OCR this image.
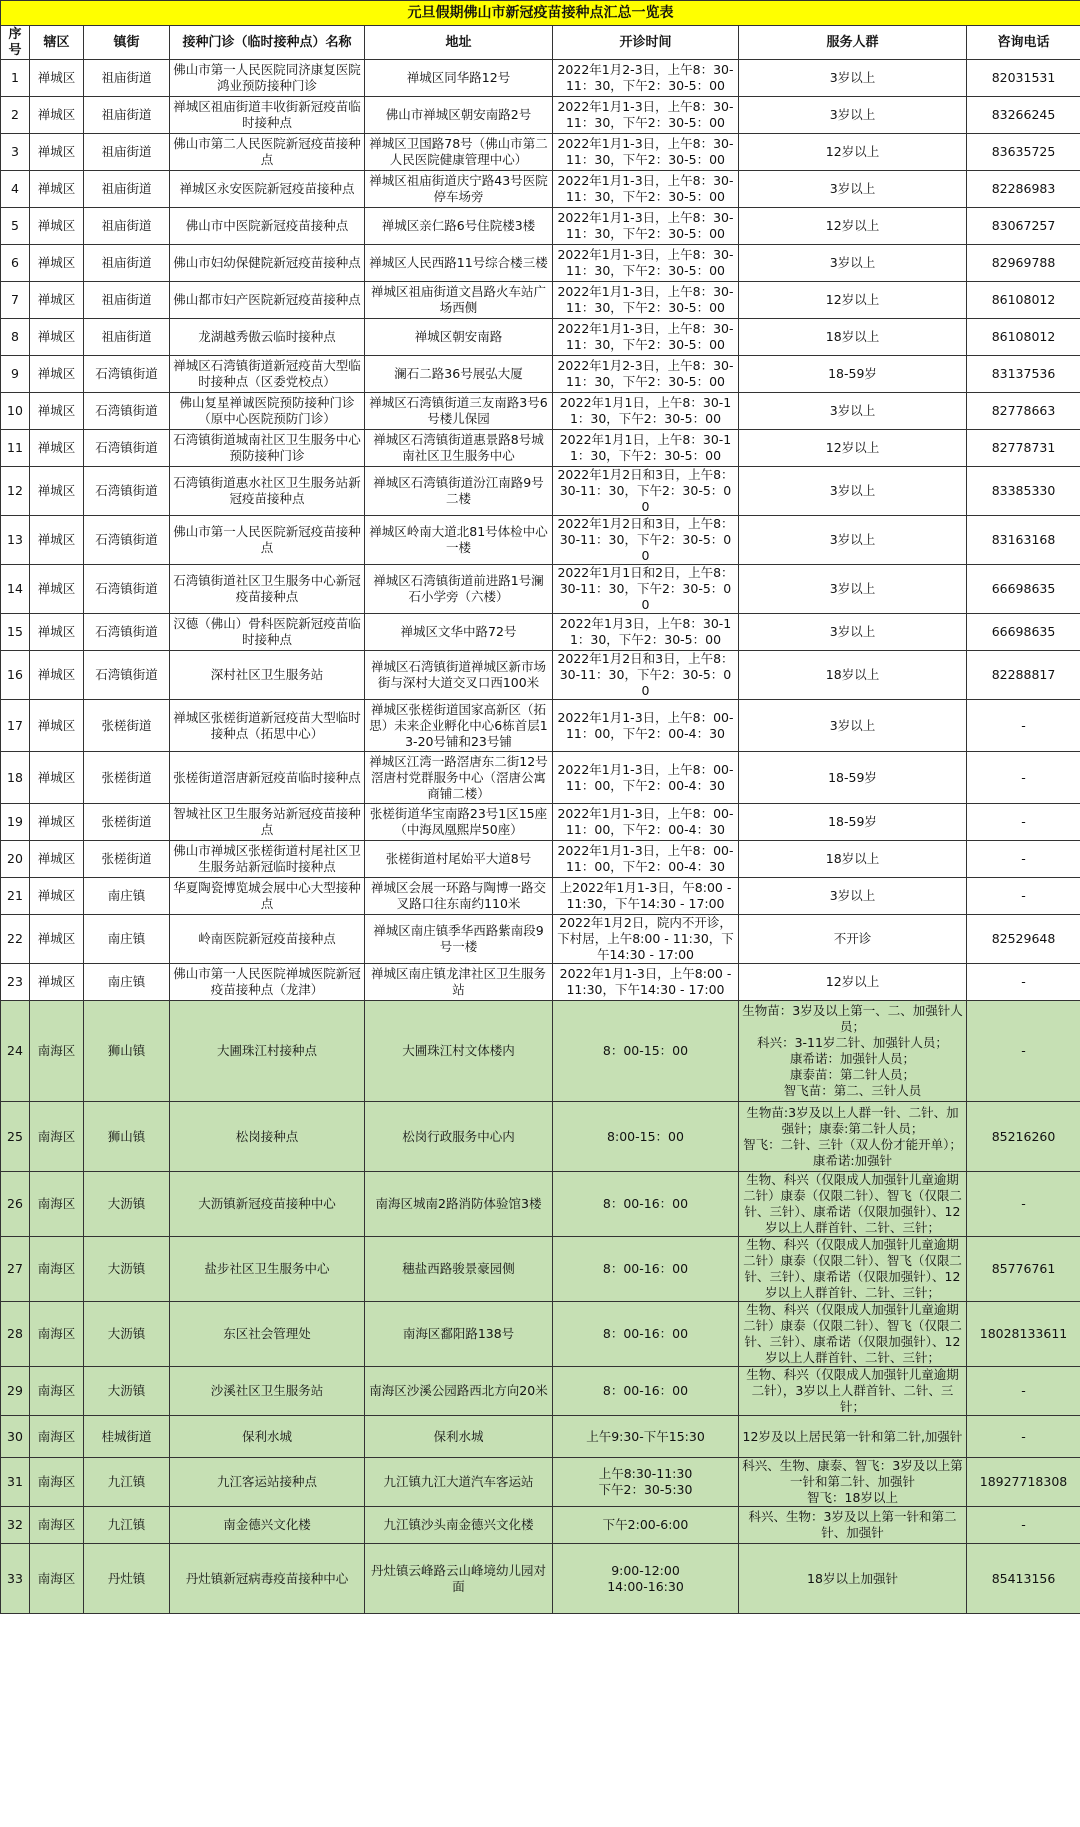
元旦假期佛山市新冠疫苗接种点汇总一览表							
序号	辖区	镇街	接种门诊（临时接种点）名称	地址	开诊时间	服务人群	咨询电话
1	禅城区	祖庙街道	佛山市第一人民医院同济康复医院鸿业预防接种门诊	禅城区同华路12号	2022年1月2-3日，上午8：30-11：30，下午2：30-5：00	3岁以上	82031531
2	禅城区	祖庙街道	禅城区祖庙街道丰收街新冠疫苗临时接种点	佛山市禅城区朝安南路2号	2022年1月1-3日，上午8：30-11：30，下午2：30-5：00	3岁以上	83266245
3	禅城区	祖庙街道	佛山市第二人民医院新冠疫苗接种点	禅城区卫国路78号（佛山市第二人民医院健康管理中心）	2022年1月1-3日，上午8：30-11：30，下午2：30-5：00	12岁以上	83635725
4	禅城区	祖庙街道	禅城区永安医院新冠疫苗接种点	禅城区祖庙街道庆宁路43号医院停车场旁	2022年1月1-3日，上午8：30-11：30，下午2：30-5：00	3岁以上	82286983
5	禅城区	祖庙街道	佛山市中医院新冠疫苗接种点	禅城区亲仁路6号住院楼3楼	2022年1月1-3日，上午8：30-11：30，下午2：30-5：00	12岁以上	83067257
6	禅城区	祖庙街道	佛山市妇幼保健院新冠疫苗接种点	禅城区人民西路11号综合楼三楼	2022年1月1-3日，上午8：30-11：30，下午2：30-5：00	3岁以上	82969788
7	禅城区	祖庙街道	佛山都市妇产医院新冠疫苗接种点	禅城区祖庙街道文昌路火车站广场西侧	2022年1月1-3日，上午8：30-11：30，下午2：30-5：00	12岁以上	86108012
8	禅城区	祖庙街道	龙湖越秀傲云临时接种点	禅城区朝安南路	2022年1月1-3日，上午8：30-11：30，下午2：30-5：00	18岁以上	86108012
9	禅城区	石湾镇街道	禅城区石湾镇街道新冠疫苗大型临时接种点（区委党校点）	澜石二路36号展弘大厦	2022年1月2-3日，上午8：30-11：30，下午2：30-5：00	18-59岁	83137536
10	禅城区	石湾镇街道	佛山复星禅诚医院预防接种门诊（原中心医院预防门诊）	禅城区石湾镇街道三友南路3号6号楼儿保园	2022年1月1日，上午8：30-11：30，下午2：30-5：00	3岁以上	82778663
11	禅城区	石湾镇街道	石湾镇街道城南社区卫生服务中心预防接种门诊	禅城区石湾镇街道惠景路8号城南社区卫生服务中心	2022年1月1日，上午8：30-11：30，下午2：30-5：00	12岁以上	82778731
12	禅城区	石湾镇街道	石湾镇街道惠水社区卫生服务站新冠疫苗接种点	禅城区石湾镇街道汾江南路9号二楼	2022年1月2日和3日，上午8：30-11：30，下午2：30-5：00	3岁以上	83385330
13	禅城区	石湾镇街道	佛山市第一人民医院新冠疫苗接种点	禅城区岭南大道北81号体检中心一楼	2022年1月2日和3日，上午8：30-11：30，下午2：30-5：00	3岁以上	83163168
14	禅城区	石湾镇街道	石湾镇街道社区卫生服务中心新冠疫苗接种点	禅城区石湾镇街道前进路1号澜石小学旁（六楼）	2022年1月1日和2日，上午8：30-11：30，下午2：30-5：00	3岁以上	66698635
15	禅城区	石湾镇街道	汉德（佛山）骨科医院新冠疫苗临时接种点	禅城区文华中路72号	2022年1月3日，上午8：30-11：30，下午2：30-5：00	3岁以上	66698635
16	禅城区	石湾镇街道	深村社区卫生服务站	禅城区石湾镇街道禅城区新市场街与深村大道交叉口西100米	2022年1月2日和3日，上午8：30-11：30，下午2：30-5：00	18岁以上	82288817
17	禅城区	张槎街道	禅城区张槎街道新冠疫苗大型临时接种点（拓思中心）	禅城区张槎街道国家高新区（拓思）未来企业孵化中心6栋首层13-20号铺和23号铺	2022年1月1-3日，上午8：00-11：00，下午2：00-4：30	3岁以上	-
18	禅城区	张槎街道	张槎街道滘唐新冠疫苗临时接种点	禅城区江湾一路滘唐东二街12号滘唐村党群服务中心（滘唐公寓商铺二楼）	2022年1月1-3日，上午8：00-11：00，下午2：00-4：30	18-59岁	-
19	禅城区	张槎街道	智城社区卫生服务站新冠疫苗接种点	张槎街道华宝南路23号1区15座（中海凤凰熙岸50座）	2022年1月1-3日，上午8：00-11：00，下午2：00-4：30	18-59岁	-
20	禅城区	张槎街道	佛山市禅城区张槎街道村尾社区卫生服务站新冠临时接种点	张槎街道村尾始平大道8号	2022年1月1-3日，上午8：00-11：00，下午2：00-4：30	18岁以上	-
21	禅城区	南庄镇	华夏陶瓷博览城会展中心大型接种点	禅城区会展一环路与陶博一路交叉路口往东南约110米	上2022年1月1-3日，午8:00 - 11:30，下午14:30 - 17:00	3岁以上	-
22	禅城区	南庄镇	岭南医院新冠疫苗接种点	禅城区南庄镇季华西路紫南段9号一楼	2022年1月2日，院内不开诊，下村居，上午8:00 - 11:30，下午14:30 - 17:00	不开诊	82529648
23	禅城区	南庄镇	佛山市第一人民医院禅城医院新冠疫苗接种点（龙津）	禅城区南庄镇龙津社区卫生服务站	2022年1月1-3日，上午8:00 - 11:30，下午14:30 - 17:00	12岁以上	-
24	南海区	狮山镇	大圃珠江村接种点	大圃珠江村文体楼内	8：00-15：00	生物苗：3岁及以上第一、二、加强针人员；
科兴：3-11岁二针、加强针人员；
康希诺：加强针人员；
康泰苗：第二针人员；
智飞苗：第二、三针人员	-
25	南海区	狮山镇	松岗接种点	松岗行政服务中心内	8:00-15：00	生物苗:3岁及以上人群一针、二针、加强针；康泰:第二针人员；
智飞：二针、三针（双人份才能开单）；康希诺:加强针	85216260
26	南海区	大沥镇	大沥镇新冠疫苗接种中心	南海区城南2路消防体验馆3楼	8：00-16：00	生物、科兴（仅限成人加强针儿童逾期二针）康泰（仅限二针）、智飞（仅限二针、三针）、康希诺（仅限加强针）、12岁以上人群首针、二针、三针；	-
27	南海区	大沥镇	盐步社区卫生服务中心	穗盐西路骏景豪园侧	8：00-16：00	生物、科兴（仅限成人加强针儿童逾期二针）康泰（仅限二针）、智飞（仅限二针、三针）、康希诺（仅限加强针）、12岁以上人群首针、二针、三针；	85776761
28	南海区	大沥镇	东区社会管理处	南海区鄱阳路138号	8：00-16：00	生物、科兴（仅限成人加强针儿童逾期二针）康泰（仅限二针）、智飞（仅限二针、三针）、康希诺（仅限加强针）、12岁以上人群首针、二针、三针；	18028133611
29	南海区	大沥镇	沙溪社区卫生服务站	南海区沙溪公园路西北方向20米	8：00-16：00	生物、科兴（仅限成人加强针儿童逾期二针），3岁以上人群首针、二针、三针；	-
30	南海区	桂城街道	保利水城	保利水城	上午9:30-下午15:30	12岁及以上居民第一针和第二针,加强针	-
31	南海区	九江镇	九江客运站接种点	九江镇九江大道汽车客运站	上午8:30-11:30
下午2：30-5:30	科兴、生物、康泰、智飞：3岁及以上第一针和第二针、加强针
智飞：18岁以上	18927718308
32	南海区	九江镇	南金德兴文化楼	九江镇沙头南金德兴文化楼	下午2:00-6:00	科兴、生物：3岁及以上第一针和第二针、加强针	-
33	南海区	丹灶镇	丹灶镇新冠病毒疫苗接种中心	丹灶镇云峰路云山峰境幼儿园对面	9:00-12:00
14:00-16:30	18岁以上加强针	85413156
